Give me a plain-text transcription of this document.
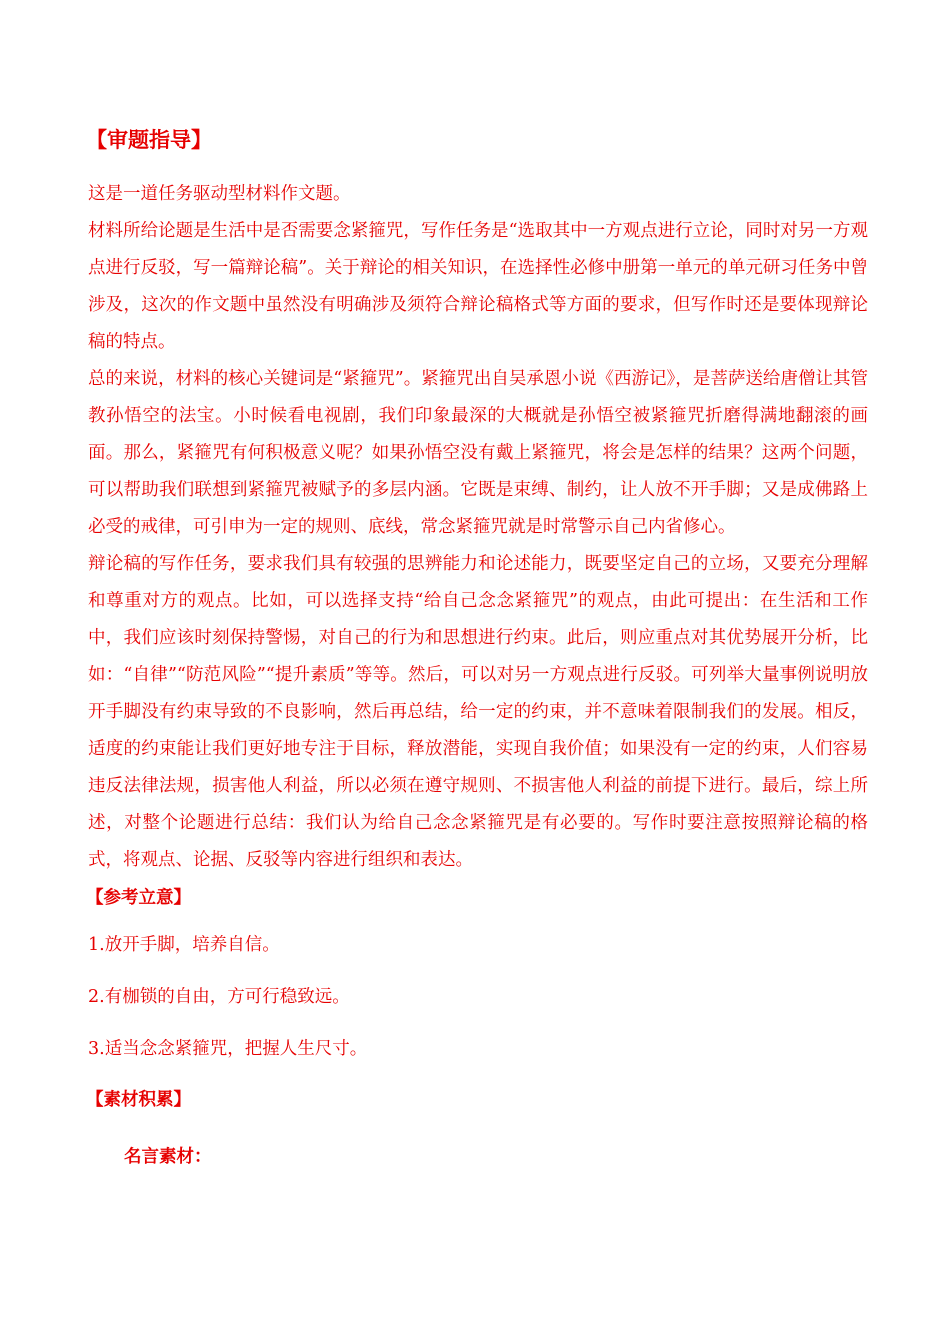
【审题指导】

这是一道任务驱动型材料作文题。

材料所给论题是生活中是否需要念紧箍咒，写作任务是“选取其中一方观点进行立论，同时对另一方观点进行反驳，写一篇辩论稿”。关于辩论的相关知识，在选择性必修中册第一单元的单元研习任务中曾涉及，这次的作文题中虽然没有明确涉及须符合辩论稿格式等方面的要求，但写作时还是要体现辩论稿的特点。

总的来说，材料的核心关键词是“紧箍咒”。紧箍咒出自吴承恩小说《西游记》，是菩萨送给唐僧让其管教孙悟空的法宝。小时候看电视剧，我们印象最深的大概就是孙悟空被紧箍咒折磨得满地翻滚的画面。那么，紧箍咒有何积极意义呢？如果孙悟空没有戴上紧箍咒，将会是怎样的结果？这两个问题，可以帮助我们联想到紧箍咒被赋予的多层内涵。它既是束缚、制约，让人放不开手脚；又是成佛路上必受的戒律，可引申为一定的规则、底线，常念紧箍咒就是时常警示自己内省修心。

辩论稿的写作任务，要求我们具有较强的思辨能力和论述能力，既要坚定自己的立场，又要充分理解和尊重对方的观点。比如，可以选择支持“给自己念念紧箍咒”的观点，由此可提出：在生活和工作中，我们应该时刻保持警惕，对自己的行为和思想进行约束。此后，则应重点对其优势展开分析，比如：“自律”“防范风险”“提升素质”等等。然后，可以对另一方观点进行反驳。可列举大量事例说明放开手脚没有约束导致的不良影响，然后再总结，给一定的约束，并不意味着限制我们的发展。相反，适度的约束能让我们更好地专注于目标，释放潜能，实现自我价值；如果没有一定的约束，人们容易违反法律法规，损害他人利益，所以必须在遵守规则、不损害他人利益的前提下进行。最后，综上所述，对整个论题进行总结：我们认为给自己念念紧箍咒是有必要的。写作时要注意按照辩论稿的格式，将观点、论据、反驳等内容进行组织和表达。

【参考立意】

1.放开手脚，培养自信。

2.有枷锁的自由，方可行稳致远。

3.适当念念紧箍咒，把握人生尺寸。

【素材积累】
名言素材：
